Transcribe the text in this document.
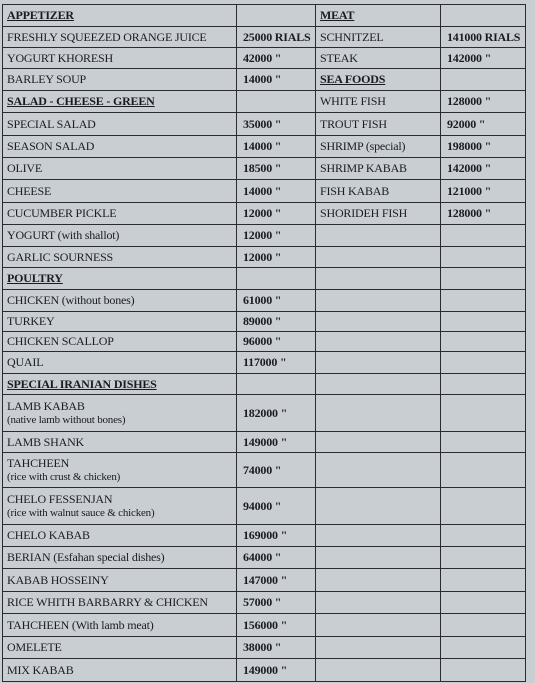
APPETIZER
FRESHLY SQUEEZED ORANGE JUICE	25000 RIALS
YOGURT KHORESH	42000 "
BARLEY SOUP	14000 "
SALAD - CHEESE - GREEN
SPECIAL SALAD	35000 "
SEASON SALAD	14000 "
OLIVE	18500 "
CHEESE	14000 "
CUCUMBER PICKLE	12000 "
YOGURT (with shallot)	12000 "
GARLIC SOURNESS	12000 "
POULTRY
CHICKEN (without bones)	61000 "
TURKEY	89000 "
CHICKEN SCALLOP	96000 "
QUAIL	117000 "
SPECIAL IRANIAN DISHES
LAMB KABAB
(native lamb without bones)
182000 "
LAMB SHANK	149000 "
TAHCHEEN
(rice with crust & chicken)
74000 "
CHELO FESSENJAN
(rice with walnut sauce & chicken)
94000 "
CHELO KABAB	169000 "
BERIAN (Esfahan special dishes)	64000 "
KABAB HOSSEINY	147000 "
RICE WHITH BARBARRY & CHICKEN	57000 "
TAHCHEEN (With lamb meat)	156000 "
OMELETE	38000 "
MIX KABAB	149000 "
MEAT
SCHNITZEL	141000 RIALS
STEAK	142000 "
SEA FOODS
WHITE FISH	128000 "
TROUT FISH	92000 "
SHRIMP (special)	198000 "
SHRIMP KABAB	142000 "
FISH KABAB	121000 "
SHORIDEH FISH	128000 "
